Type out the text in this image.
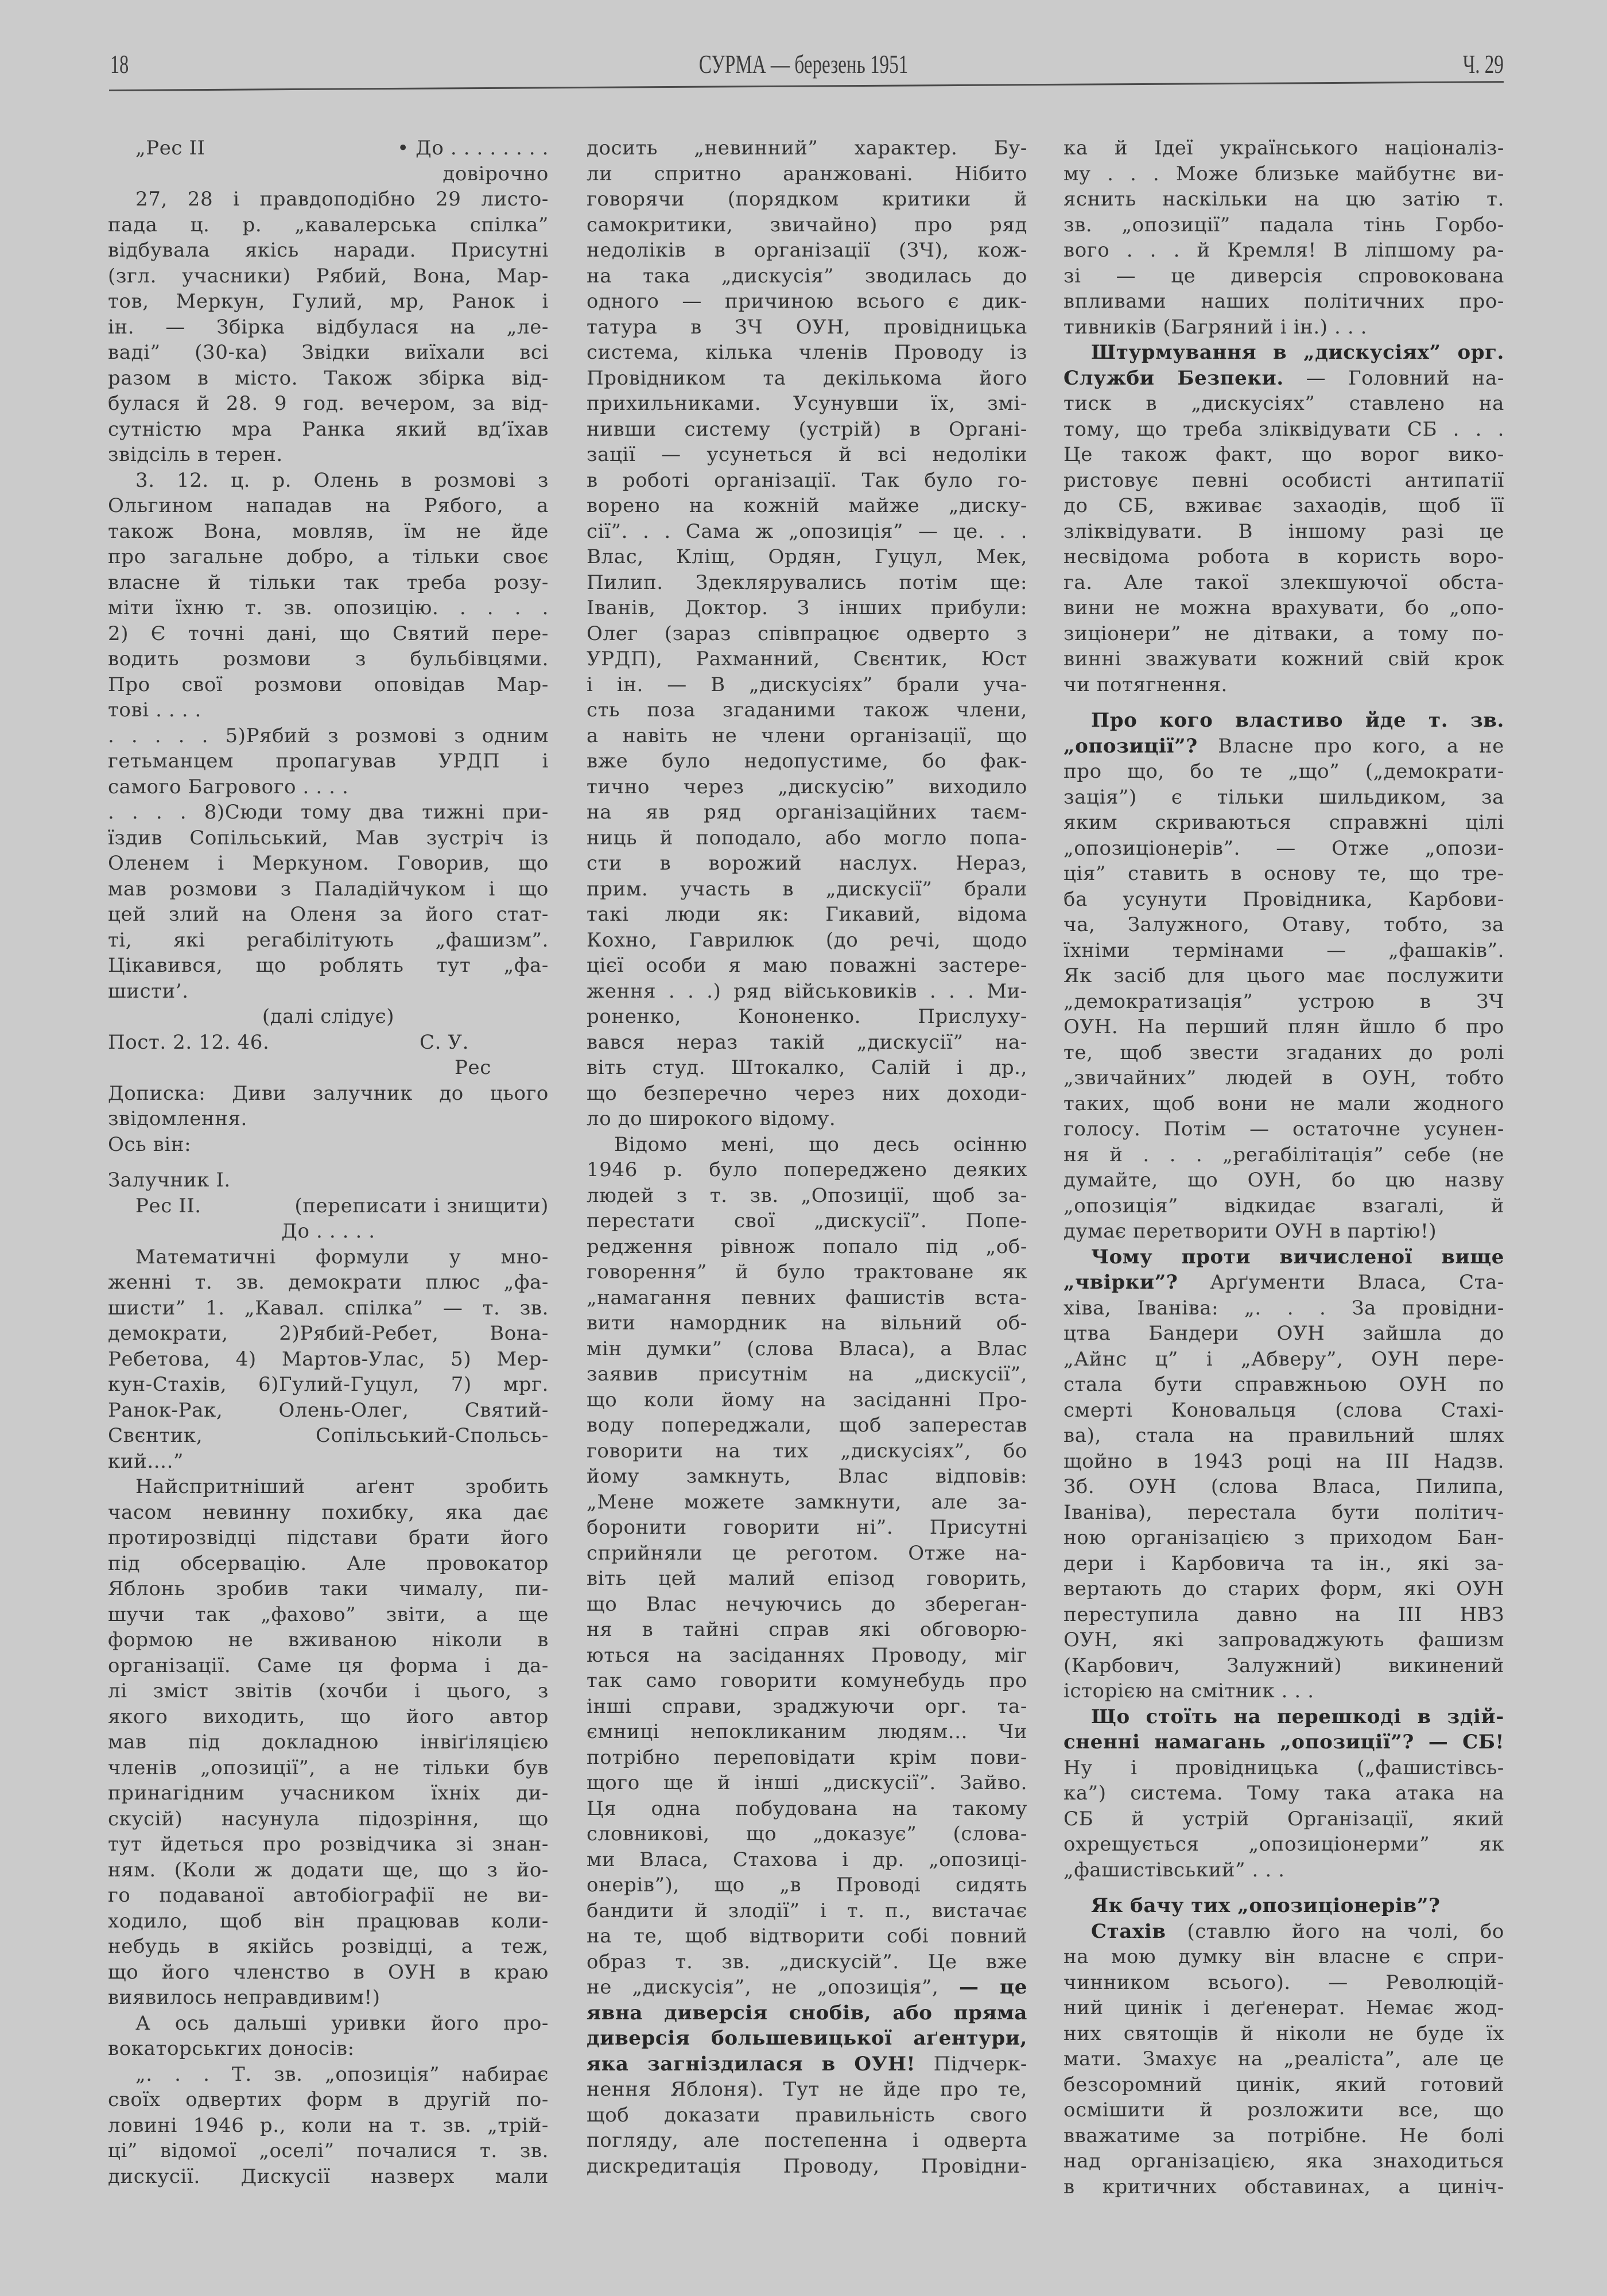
18	СУРМА — березень 1951	Ч. 29
„Рес II	• До . . . . . . . .
довірочно
27, 28 і правдоподібно 29 листо-
пада ц. р. „кавалерська спілка”
відбувала якісь наради. Присутні
(згл. учасники) Рябий, Вона, Мар-
тов, Меркун, Гулий, мр, Ранок і
ін. — Збірка відбулася на „ле-
ваді” (30-ка) Звідки виїхали всі
разом в місто. Також збірка від-
булася й 28. 9 год. вечером, за від-
сутністю мра Ранка який вд’їхав
звідсіль в терен.
3. 12. ц. р. Олень в розмові з
Ольгином нападав на Рябого, а
також Вона, мовляв, їм не йде
про загальне добро, а тільки своє
власне й тільки так треба розу-
міти їхню т. зв. опозицію. . . . .
2) Є точні дані, що Святий пере-
водить розмови з бульбівцями.
Про свої розмови оповідав Мар-
тові . . . .
. . . . . 5)Рябий з розмові з одним
гетьманцем пропагував УРДП і
самого Багрового . . . .
. . . . 8)Сюди тому два тижні при-
їздив Сопільський, Мав зустріч із
Оленем і Меркуном. Говорив, що
мав розмови з Паладійчуком і що
цей злий на Оленя за його стат-
ті, які регабілітують „фашизм”.
Цікавився, що роблять тут „фа-
шисти’.
(далі слідує)
Пост. 2. 12. 46.	С. У.
Рес
Дописка: Диви залучник до цього
звідомлення.
Ось він:
Залучник I.
Рес II.	(переписати і знищити)
До . . . . .
Математичні формули у мно-
женні т. зв. демократи плюс „фа-
шисти” 1. „Кавал. спілка” — т. зв.
демократи, 2)Рябий-Ребет, Вона-
Ребетова, 4) Мартов-Улас, 5) Мер-
кун-Стахів, 6)Гулий-Гуцул, 7) мрг.
Ранок-Рак, Олень-Олег, Святий-
Свєнтик, Сопільський-Спольсь-
кий....”
Найспритніший аґент зробить
часом невинну похибку, яка дає
протирозвідці підстави брати його
під обсервацію. Але провокатор
Яблонь зробив таки чималу, пи-
шучи так „фахово” звіти, а ще
формою не вживаною ніколи в
організації. Саме ця форма і да-
лі зміст звітів (хочби і цього, з
якого виходить, що його автор
мав під докладною інвіґіляцією
членів „опозиції”, а не тільки був
принагідним учасником їхніх ди-
скусій) насунула підозріння, що
тут йдеться про розвідчика зі знан-
ням. (Коли ж додати ще, що з йо-
го подаваної автобіографії не ви-
ходило, щоб він працював коли-
небудь в якійсь розвідці, а теж,
що його членство в ОУН в краю
виявилось неправдивим!)
А ось дальші уривки його про-
вокаторськгих доносів:
„. . . Т. зв. „опозиція” набирає
своїх одвертих форм в другій по-
ловині 1946 р., коли на т. зв. „трій-
ці” відомої „оселі” почалися т. зв.
дискусії. Дискусії назверх мали
досить „невинний” характер. Бу-
ли спритно аранжовані. Нібито
говорячи (порядком критики й
самокритики, звичайно) про ряд
недоліків в організації (ЗЧ), кож-
на така „дискусія” зводилась до
одного — причиною всього є дик-
татура в ЗЧ ОУН, провідницька
система, кілька членів Проводу із
Провідником та декількома його
прихильниками. Усунувши їх, змі-
нивши систему (устрій) в Органі-
зації — усунеться й всі недоліки
в роботі організації. Так було го-
ворено на кожній майже „диску-
сії”. . . Сама ж „опозиція” — це. . .
Влас, Кліщ, Ордян, Гуцул, Мек,
Пилип. Здеклярувались потім ще:
Іванів, Доктор. З інших прибули:
Олег (зараз співпрацює одверто з
УРДП), Рахманний, Свєнтик, Юст
і ін. — В „дискусіях” брали уча-
сть поза згаданими також члени,
а навіть не члени організації, що
вже було недопустиме, бо фак-
тично через „дискусію” виходило
на яв ряд організаційних таєм-
ниць й поподало, або могло попа-
сти в ворожий наслух. Нераз,
прим. участь в „дискусії” брали
такі люди як: Гикавий, відома
Кохно, Гаврилюк (до речі, щодо
цієї особи я маю поважні застере-
ження . . .) ряд військовиків . . . Ми-
роненко, Кононенко. Прислуху-
вався нераз такій „дискусії” на-
віть студ. Штокалко, Салій і др.,
що безперечно через них доходи-
ло до широкого відому.
Відомо мені, що десь осінню
1946 р. було попереджено деяких
людей з т. зв. „Опозиції, щоб за-
перестати свої „дискусії”. Попе-
редження рівнож попало під „об-
говорення” й було трактоване як
„намагання певних фашистів вста-
вити намордник на вільний об-
мін думки” (слова Власа), а Влас
заявив присутнім на „дискусії”,
що коли йому на засіданні Про-
воду попереджали, щоб заперестав
говорити на тих „дискусіях”, бо
йому замкнуть, Влас відповів:
„Мене можете замкнути, але за-
боронити говорити ні”. Присутні
сприйняли це реготом. Отже на-
віть цей малий епізод говорить,
що Влас нечуючись до збереган-
ня в тайні справ які обговорю-
ються на засіданнях Проводу, міг
так само говорити комунебудь про
інші справи, зраджуючи орг. та-
ємниці непокликаним людям... Чи
потрібно переповідати крім пови-
щого ще й інші „дискусії”. Зайво.
Ця одна побудована на такому
словникові, що „доказує” (слова-
ми Власа, Стахова і др. „опозиці-
онерів”), що „в Проводі сидять
бандити й злодії” і т. п., вистачає
на те, щоб відтворити собі повний
образ т. зв. „дискусій”. Це вже
не „дискусія”, не „опозиція”, — це
явна диверсія снобів, або пряма
диверсія большевицької аґентури,
яка загніздилася в ОУН! Підчерк-
нення Яблоня). Тут не йде про те,
щоб доказати правильність свого
погляду, але постепенна і одверта
дискредитація Проводу, Провідни-
ка й Ідеї українського націоналіз-
му . . . Може близьке майбутнє ви-
яснить наскільки на цю затію т.
зв. „опозиції” падала тінь Горбо-
вого . . . й Кремля! В ліпшому ра-
зі — це диверсія спровокована
впливами нaших політичних про-
тивників (Багряний і ін.) . . .
Штурмування в „дискусіях” орг.
Служби Безпеки. — Головний на-
тиск в „дискусіях” ставлено на
тому, що треба зліквідувати СБ . . .
Це також факт, що ворог вико-
ристовує певні особисті антипатії
до СБ, вживає захаодів, щоб її
зліквідувати. В іншому разі це
несвідома робота в користь воро-
га. Але такої злекшуючої обста-
вини не можна врахувати, бо „опо-
зиціонери” не дітваки, а тому по-
винні зважувати кожний свій крок
чи потягнення.
Про кого властиво йде т. зв.
„опозиції”? Власне про кого, а не
про що, бо те „що” („демократи-
зація”) є тільки шильдиком, за
яким скриваються справжні цілі
„опозиціонерів”. — Отже „опози-
ція” ставить в основу те, що тре-
ба усунути Провідника, Карбови-
ча, Залужного, Отаву, тобто, за
їхніми термінами — „фашаків”.
Як засіб для цього має послужити
„демократизація” устрою в ЗЧ
ОУН. На перший плян йшло б про
те, щоб звести згаданих до ролі
„звичайних” людей в ОУН, тобто
таких, щоб вони не мали жодного
голосу. Потім — остаточне усунен-
ня й . . . „регабілітація” себе (не
думайте, що ОУН, бо цю назву
„опозиція” відкидає взагалі, й
думає перетворити ОУН в партію!)
Чому проти вичисленої вище
„чвірки”? Арґументи Власа, Ста-
хіва, Іваніва: „. . . За провідни-
цтва Бандери ОУН зайшла до
„Айнс ц” і „Абверу”, ОУН пере-
стала бути справжньою ОУН по
смерті Коновальця (слова Стахі-
ва), стала на правильний шлях
щойно в 1943 році на III Надзв.
Зб. ОУН (слова Власа, Пилипа,
Іваніва), перестала бути політич-
ною організацією з приходом Бан-
дери і Карбовича та ін., які за-
вертають до старих форм, які ОУН
переступила давно на III НВЗ
ОУН, які запроваджують фашизм
(Карбович, Залужний) викинений
історією на смітник . . .
Що стоїть на перешкоді в здій-
сненні намагань „опозиції”? — СБ!
Ну і провідницька („фашистівсь-
ка”) система. Тому така атака на
СБ й устрій Організації, який
охрещується „опозиціонерми” як
„фашистівський” . . .
Як бачу тих „опозиціонерів”?
Стахів (ставлю його на чолі, бо
на мою думку він власне є спри-
чинником всього). — Революцій-
ний цинік і деґенерат. Немає жод-
них святощів й ніколи не буде їх
мати. Змахує на „реаліста”, але це
безсоромний цинік, який готовий
осмішити й розложити все, що
вважатиме за потрібне. Не болі
над організацією, яка знаходиться
в критичних обставинах, а циніч-
